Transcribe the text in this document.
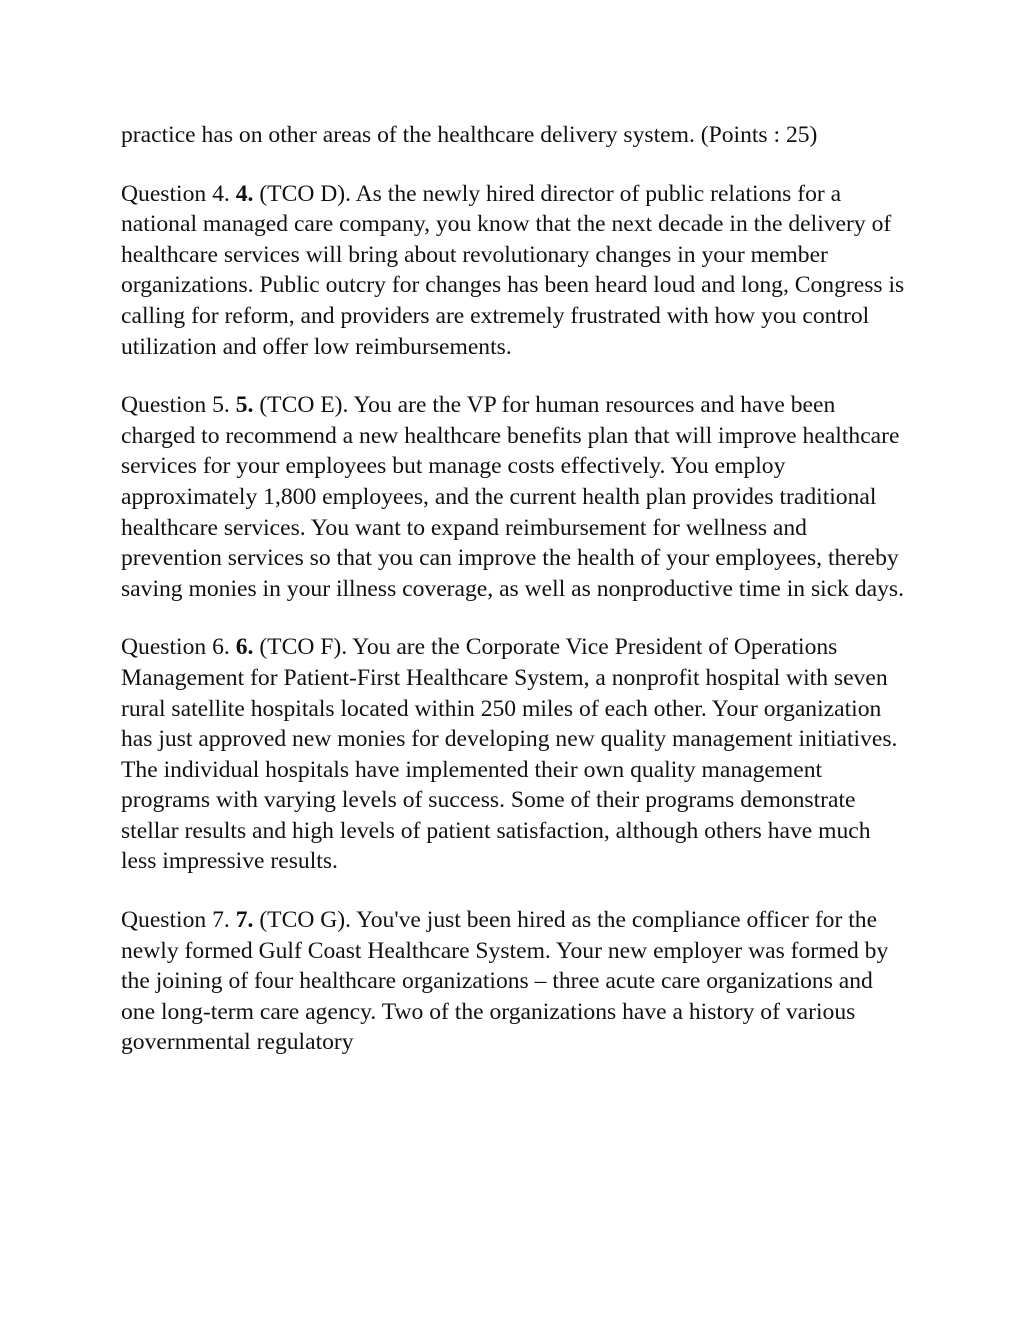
practice has on other areas of the healthcare delivery system. (Points : 25)

Question 4. 4. (TCO D). As the newly hired director of public relations for a national managed care company, you know that the next decade in the delivery of healthcare services will bring about revolutionary changes in your member organizations. Public outcry for changes has been heard loud and long, Congress is calling for reform, and providers are extremely frustrated with how you control utilization and offer low reimbursements.

Question 5. 5. (TCO E). You are the VP for human resources and have been charged to recommend a new healthcare benefits plan that will improve healthcare services for your employees but manage costs effectively. You employ approximately 1,800 employees, and the current health plan provides traditional healthcare services. You want to expand reimbursement for wellness and prevention services so that you can improve the health of your employees, thereby saving monies in your illness coverage, as well as nonproductive time in sick days.

Question 6. 6. (TCO F). You are the Corporate Vice President of Operations Management for Patient-First Healthcare System, a nonprofit hospital with seven rural satellite hospitals located within 250 miles of each other. Your organization has just approved new monies for developing new quality management initiatives. The individual hospitals have implemented their own quality management programs with varying levels of success. Some of their programs demonstrate stellar results and high levels of patient satisfaction, although others have much less impressive results.

Question 7. 7. (TCO G). You've just been hired as the compliance officer for the newly formed Gulf Coast Healthcare System. Your new employer was formed by the joining of four healthcare organizations – three acute care organizations and one long-term care agency. Two of the organizations have a history of various governmental regulatory
